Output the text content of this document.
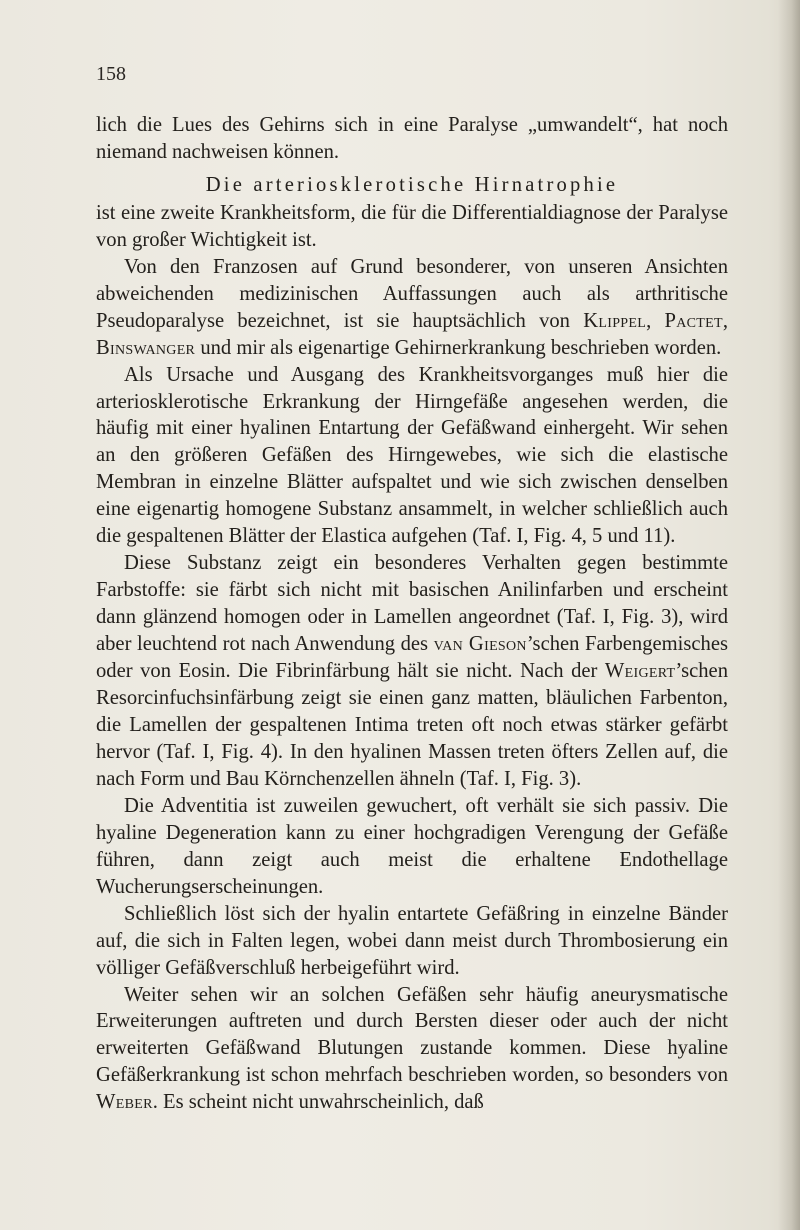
158

lich die Lues des Gehirns sich in eine Paralyse „umwandelt“, hat noch niemand nachweisen können.

Die arteriosklerotische Hirnatrophie

ist eine zweite Krankheitsform, die für die Differentialdiagnose der Paralyse von großer Wichtigkeit ist.

Von den Franzosen auf Grund besonderer, von unseren Ansichten abweichenden medizinischen Auffassungen auch als arthritische Pseudoparalyse bezeichnet, ist sie hauptsächlich von Klippel, Pactet, Binswanger und mir als eigenartige Gehirnerkrankung beschrieben worden.

Als Ursache und Ausgang des Krankheitsvorganges muß hier die arteriosklerotische Erkrankung der Hirngefäße angesehen werden, die häufig mit einer hyalinen Entartung der Gefäßwand einhergeht. Wir sehen an den größeren Gefäßen des Hirngewebes, wie sich die elastische Membran in einzelne Blätter aufspaltet und wie sich zwischen denselben eine eigenartig homogene Substanz ansammelt, in welcher schließlich auch die gespaltenen Blätter der Elastica aufgehen (Taf. I, Fig. 4, 5 und 11).

Diese Substanz zeigt ein besonderes Verhalten gegen bestimmte Farbstoffe: sie färbt sich nicht mit basischen Anilinfarben und erscheint dann glänzend homogen oder in Lamellen angeordnet (Taf. I, Fig. 3), wird aber leuchtend rot nach Anwendung des van Gieson’schen Farbengemisches oder von Eosin. Die Fibrinfärbung hält sie nicht. Nach der Weigert’schen Resorcinfuchsinfärbung zeigt sie einen ganz matten, bläulichen Farbenton, die Lamellen der gespaltenen Intima treten oft noch etwas stärker gefärbt hervor (Taf. I, Fig. 4). In den hyalinen Massen treten öfters Zellen auf, die nach Form und Bau Körnchenzellen ähneln (Taf. I, Fig. 3).

Die Adventitia ist zuweilen gewuchert, oft verhält sie sich passiv. Die hyaline Degeneration kann zu einer hochgradigen Verengung der Gefäße führen, dann zeigt auch meist die erhaltene Endothellage Wucherungserscheinungen.

Schließlich löst sich der hyalin entartete Gefäßring in einzelne Bänder auf, die sich in Falten legen, wobei dann meist durch Thrombosierung ein völliger Gefäßverschluß herbeigeführt wird.

Weiter sehen wir an solchen Gefäßen sehr häufig aneurysmatische Erweiterungen auftreten und durch Bersten dieser oder auch der nicht erweiterten Gefäßwand Blutungen zustande kommen. Diese hyaline Gefäßerkrankung ist schon mehrfach beschrieben worden, so besonders von Weber. Es scheint nicht unwahrscheinlich, daß
